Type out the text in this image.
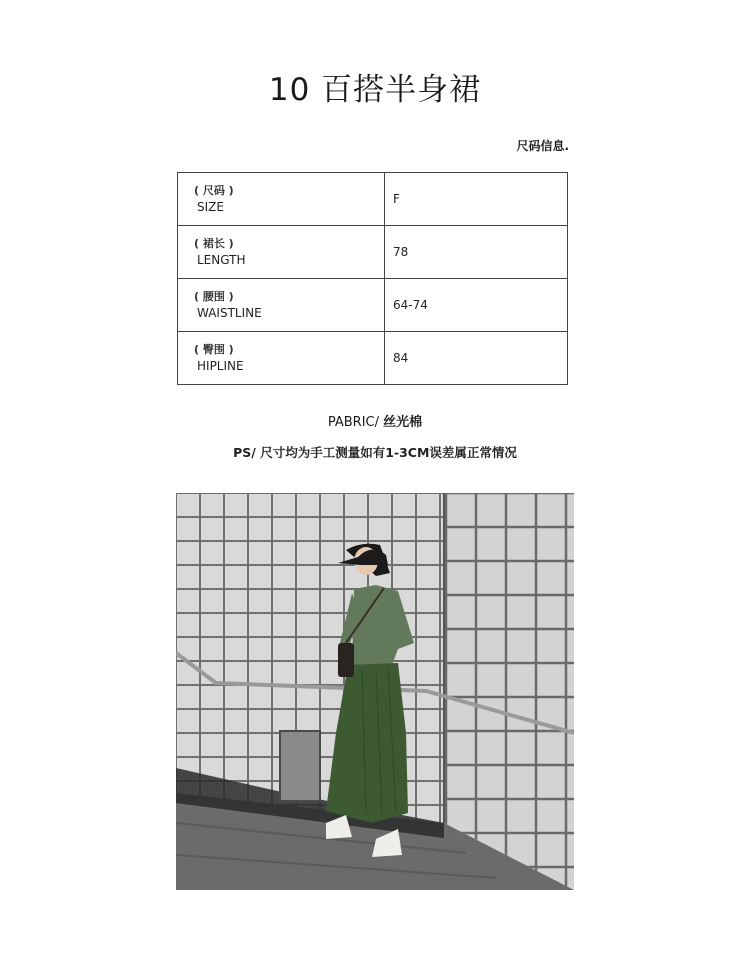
10 百搭半身裙
尺码信息.
( 尺码 )
SIZE	F

( 裙长 )
LENGTH	78

( 腰围 )
WAISTLINE	64-74

( 臀围 )
HIPLINE	84
PABRIC/ 丝光棉
PS/ 尺寸均为手工测量如有1-3CM误差属正常情况
